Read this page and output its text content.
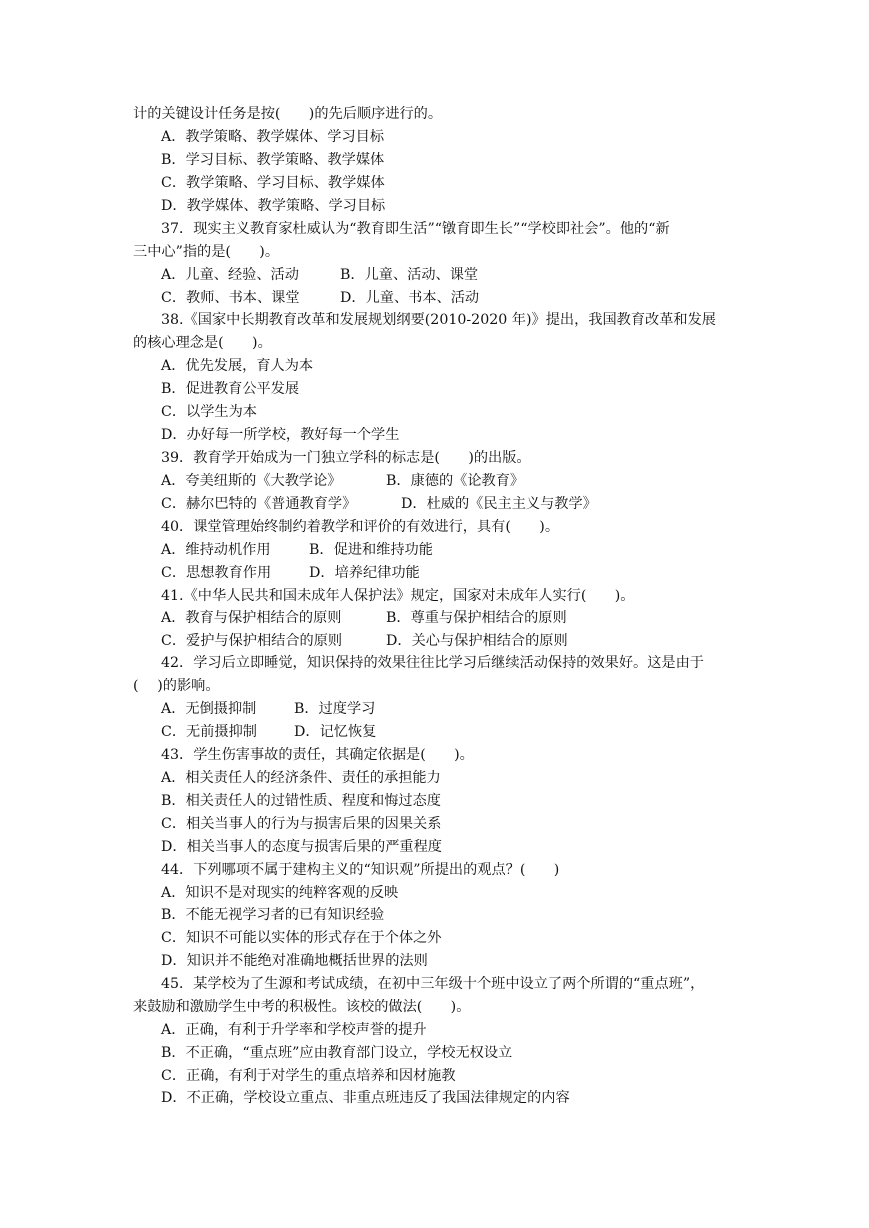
计的关键设计任务是按(　　)的先后顺序进行的。
A．教学策略、教学媒体、学习目标
B．学习目标、教学策略、教学媒体
C．教学策略、学习目标、教学媒体
D．教学媒体、教学策略、学习目标
37．现实主义教育家杜威认为“教育即生活”“镦育即生长”“学校即社会”。他的“新
三中心”指的是(　　)。
A．儿童、经验、活动	B．儿童、活动、课堂
C．教师、书本、课堂	D．儿童、书本、活动
38.《国家中长期教育改革和发展规划纲要(2010-2020 年)》提出，我国教育改革和发展
的核心理念是(　　)。
A．优先发展，育人为本
B．促进教育公平发展
C．以学生为本
D．办好每一所学校，教好每一个学生
39．教育学开始成为一门独立学科的标志是(　　)的出版。
A．夸美纽斯的《大教学论》	B．康德的《论教育》
C．赫尔巴特的《普通教育学》	D．杜威的《民主主义与教学》
40．课堂管理始终制约着教学和评价的有效进行，具有(　　)。
A．维持动机作用	B．促进和维持功能
C．思想教育作用	D．培养纪律功能
41.《中华人民共和国未成年人保护法》规定，国家对未成年人实行(　　)。
A．教育与保护相结合的原则	B．尊重与保护相结合的原则
C．爱护与保护相结合的原则	D．关心与保护相结合的原则
42．学习后立即睡觉，知识保持的效果往往比学习后继续活动保持的效果好。这是由于
(　 )的影响。
A．无倒摄抑制	B．过度学习
C．无前摄抑制	D．记忆恢复
43．学生伤害事故的责任，其确定依据是(　　)。
A．相关责任人的经济条件、责任的承担能力
B．相关责任人的过错性质、程度和悔过态度
C．相关当事人的行为与损害后果的因果关系
D．相关当事人的态度与损害后果的严重程度
44．下列哪项不属于建构主义的“知识观”所提出的观点？(　　)
A．知识不是对现实的纯粹客观的反映
B．不能无视学习者的已有知识经验
C．知识不可能以实体的形式存在于个体之外
D．知识并不能绝对准确地概括世界的法则
45．某学校为了生源和考试成绩，在初中三年级十个班中设立了两个所谓的“重点班”，
来鼓励和激励学生中考的积极性。该校的做法(　　)。
A．正确，有利于升学率和学校声誉的提升
B．不正确，“重点班”应由教育部门设立，学校无权设立
C．正确，有利于对学生的重点培养和因材施教
D．不正确，学校设立重点、非重点班违反了我国法律规定的内容
